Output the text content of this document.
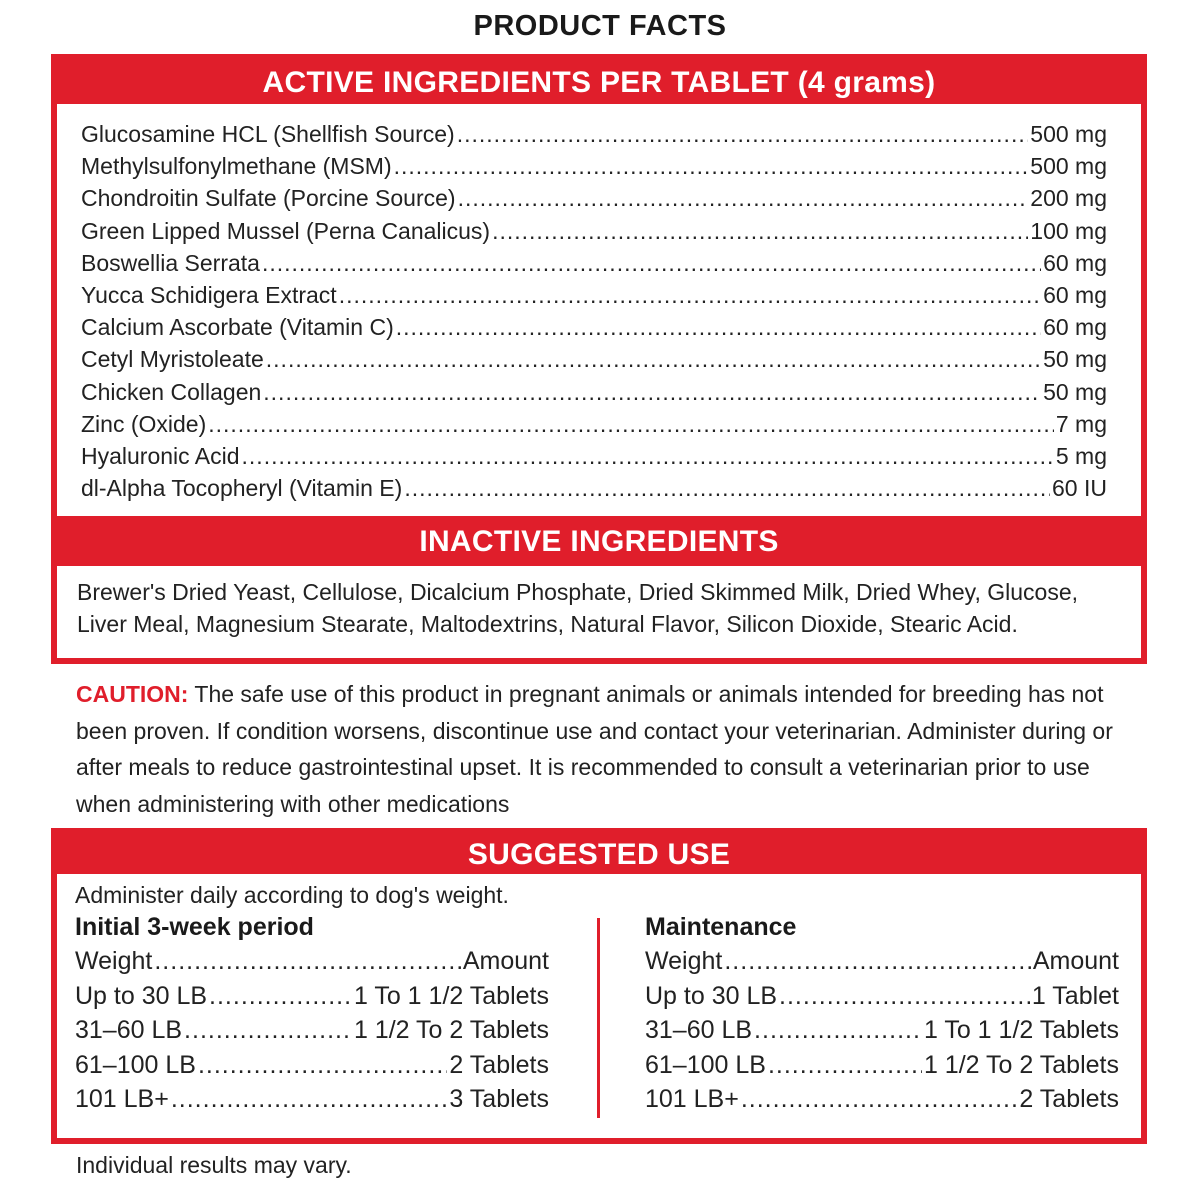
PRODUCT FACTS
ACTIVE INGREDIENTS PER TABLET (4 grams)
Glucosamine HCL (Shellfish Source) .....	500 mg
Methylsulfonylmethane (MSM) .....	500 mg
Chondroitin Sulfate (Porcine Source) .....	200 mg
Green Lipped Mussel (Perna Canalicus) .....	100 mg
Boswellia Serrata .....	60 mg
Yucca Schidigera Extract .....	60 mg
Calcium Ascorbate (Vitamin C) .....	60 mg
Cetyl Myristoleate .....	50 mg
Chicken Collagen .....	50 mg
Zinc (Oxide) .....	7 mg
Hyaluronic Acid .....	5 mg
dl-Alpha Tocopheryl (Vitamin E) .....	60 IU
INACTIVE INGREDIENTS
Brewer's Dried Yeast, Cellulose, Dicalcium Phosphate, Dried Skimmed Milk, Dried Whey, Glucose, Liver Meal, Magnesium Stearate, Maltodextrins, Natural Flavor, Silicon Dioxide, Stearic Acid.
CAUTION: The safe use of this product in pregnant animals or animals intended for breeding has not been proven. If condition worsens, discontinue use and contact your veterinarian. Administer during or after meals to reduce gastrointestinal upset. It is recommended to consult a veterinarian prior to use when administering with other medications
SUGGESTED USE
Administer daily according to dog's weight.
Initial 3-week period
Weight .....	Amount
Up to 30 LB .....	1 To 1 1/2 Tablets
31–60 LB .....	1 1/2 To 2 Tablets
61–100 LB .....	2 Tablets
101 LB+ .....	3 Tablets
Maintenance
Weight .....	Amount
Up to 30 LB .....	1 Tablet
31–60 LB .....	1 To 1 1/2 Tablets
61–100 LB .....	1 1/2 To 2 Tablets
101 LB+ .....	2 Tablets
Individual results may vary.
